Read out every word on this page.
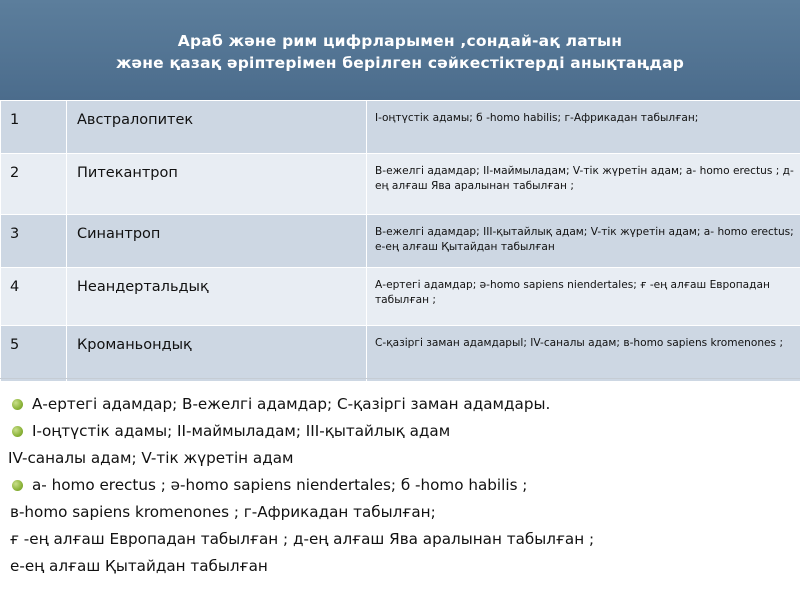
Араб және рим цифрларымен ,сондай-ақ латын
және қазақ әріптерімен берілген сәйкестіктерді анықтаңдар
1	Австралопитек	І-оңтүстік адамы; б -homo habilis; г-Африкадан табылған;

2	Питекантроп	В-ежелгі адамдар; ІІ-маймыладам; V-тік жүретін адам; а- homo erectus ; д-ең алғаш Ява аралынан табылған ;

3	Синантроп	В-ежелгі адамдар; ІІІ-қытайлық адам; V-тік жүретін адам; а- homo erectus; е-ең алғаш Қытайдан табылған

4	Неандертальдық	А-ертегі адамдар; ә-homo sapiens niendertales; ғ -ең алғаш Европадан табылған ;

5	Кроманьондық	С-қазіргі заман адамдарыl; ІV-саналы адам; в-homo sapiens kromenones ;
А-ертегі адамдар; В-ежелгі адамдар; С-қазіргі заман адамдары.
І-оңтүстік адамы; ІІ-маймыладам; ІІІ-қытайлық адам
ІV-саналы адам; V-тік жүретін адам
а- homo erectus ; ә-homo sapiens niendertales; б -homo habilis ;
в-homo sapiens kromenones ; г-Африкадан табылған;
ғ -ең алғаш Европадан табылған ; д-ең алғаш Ява аралынан табылған ;
е-ең алғаш Қытайдан табылған
